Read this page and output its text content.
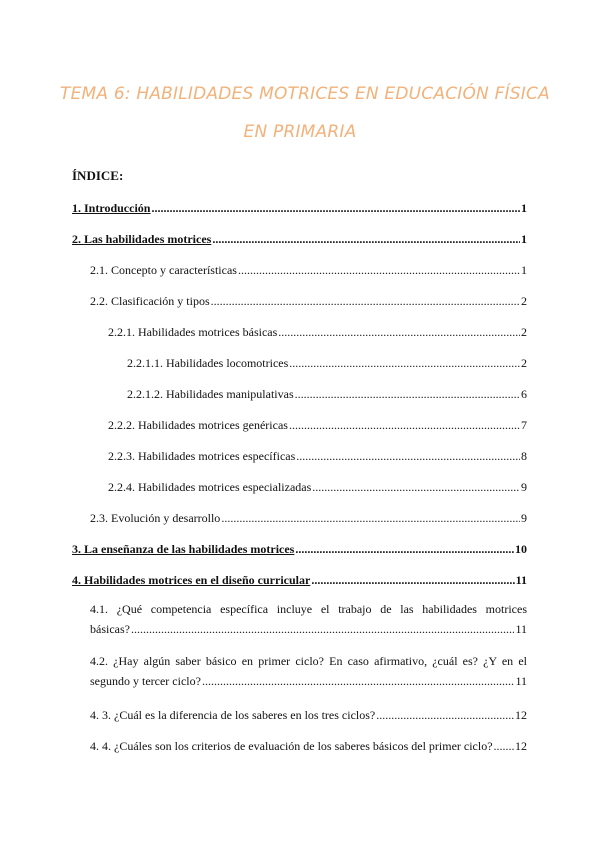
TEMA 6: HABILIDADES MOTRICES EN EDUCACIÓN FÍSICA
EN PRIMARIA
ÍNDICE:
1. Introducción .....	1
2. Las habilidades motrices .....	1
2.1. Concepto y características .....	1
2.2. Clasificación y tipos .....	2
2.2.1. Habilidades motrices básicas .....	2
2.2.1.1. Habilidades locomotrices .....	2
2.2.1.2. Habilidades manipulativas .....	6
2.2.2. Habilidades motrices genéricas .....	7
2.2.3. Habilidades motrices específicas .....	8
2.2.4. Habilidades motrices especializadas .....	9
2.3. Evolución y desarrollo .....	9
3. La enseñanza de las habilidades motrices .....	10
4. Habilidades motrices en el diseño curricular .....	11
4.1. ¿Qué competencia específica incluye el trabajo de las habilidades motrices
básicas? .....	11
4.2. ¿Hay algún saber básico en primer ciclo? En caso afirmativo, ¿cuál es? ¿Y en el
segundo y tercer ciclo? .....	11
4. 3. ¿Cuál es la diferencia de los saberes en los tres ciclos? .....	12
4. 4. ¿Cuáles son los criterios de evaluación de los saberes básicos del primer ciclo? ..... 12
